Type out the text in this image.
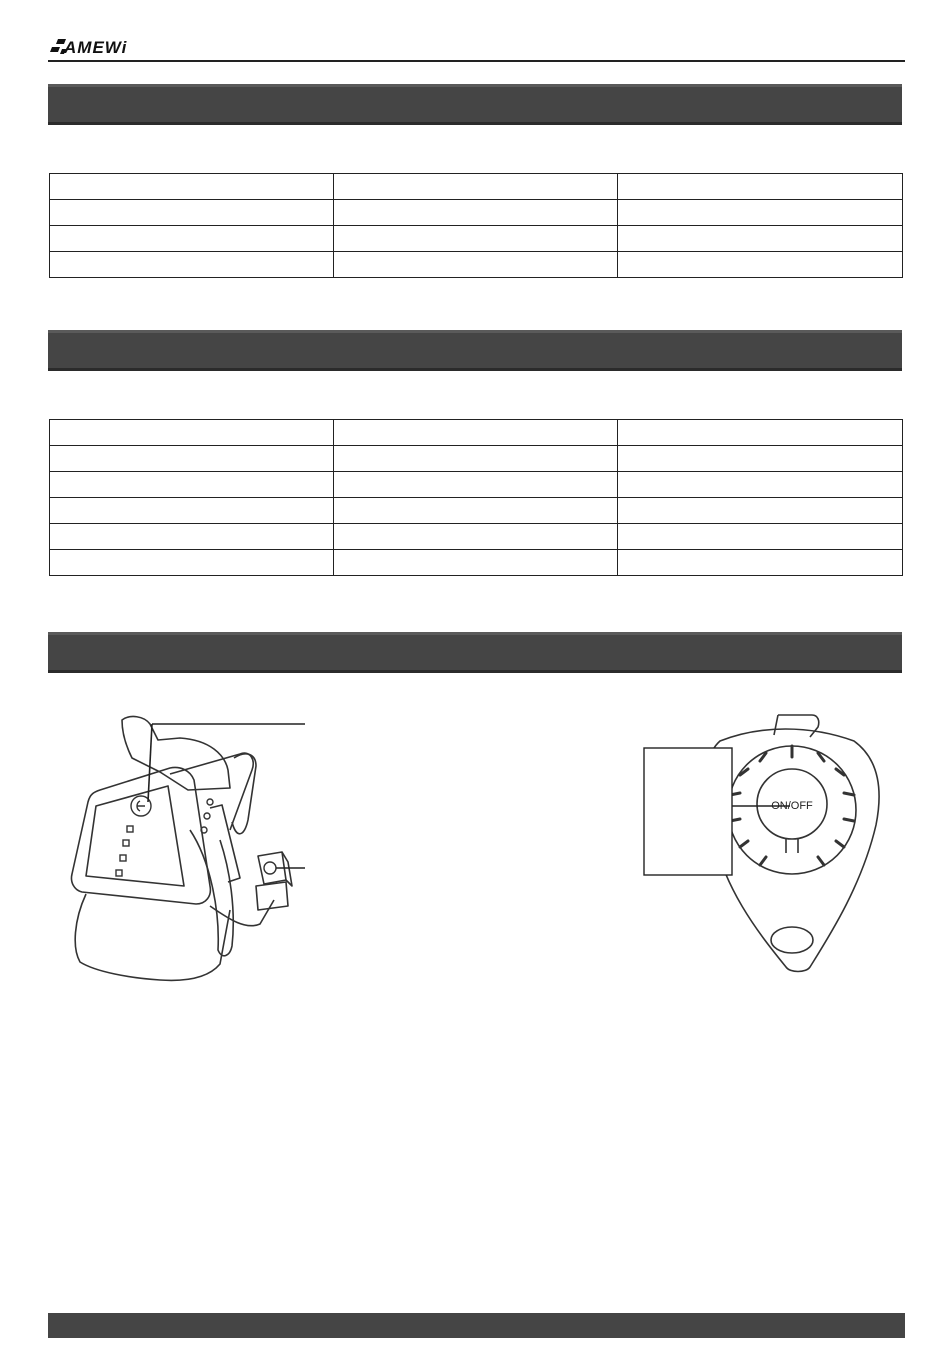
AMEWi

ON/OFF
